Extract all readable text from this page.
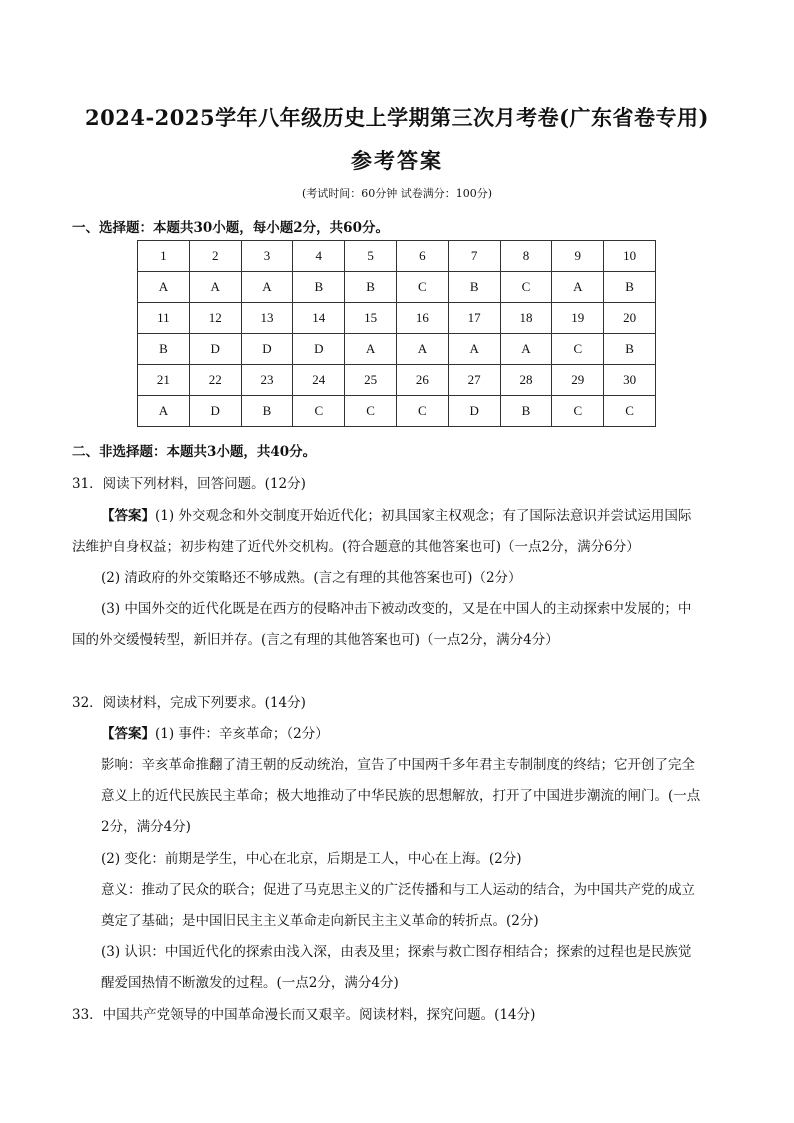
2024-2025学年八年级历史上学期第三次月考卷(广东省卷专用)
参考答案
(考试时间：60分钟 试卷满分：100分)
一、选择题：本题共30小题，每小题2分，共60分。
1	2	3	4	5	6	7	8	9	10
A	A	A	B	B	C	B	C	A	B
11	12	13	14	15	16	17	18	19	20
B	D	D	D	A	A	A	A	C	B
21	22	23	24	25	26	27	28	29	30
A	D	B	C	C	C	D	B	C	C
二、非选择题：本题共3小题，共40分。
31．阅读下列材料，回答问题。(12分)
【答案】(1) 外交观念和外交制度开始近代化；初具国家主权观念；有了国际法意识并尝试运用国际
法维护自身权益；初步构建了近代外交机构。(符合题意的其他答案也可)（一点2分，满分6分）
(2) 清政府的外交策略还不够成熟。(言之有理的其他答案也可)（2分）
(3) 中国外交的近代化既是在西方的侵略冲击下被动改变的，又是在中国人的主动探索中发展的；中
国的外交缓慢转型，新旧并存。(言之有理的其他答案也可)（一点2分，满分4分）
32．阅读材料，完成下列要求。(14分)
【答案】(1) 事件：辛亥革命；（2分）
影响：辛亥革命推翻了清王朝的反动统治，宣告了中国两千多年君主专制制度的终结；它开创了完全
意义上的近代民族民主革命；极大地推动了中华民族的思想解放，打开了中国进步潮流的闸门。(一点
2分，满分4分)
(2) 变化：前期是学生，中心在北京，后期是工人，中心在上海。(2分)
意义：推动了民众的联合；促进了马克思主义的广泛传播和与工人运动的结合，为中国共产党的成立
奠定了基础；是中国旧民主主义革命走向新民主主义革命的转折点。(2分)
(3) 认识：中国近代化的探索由浅入深，由表及里；探索与救亡图存相结合；探索的过程也是民族觉
醒爱国热情不断激发的过程。(一点2分，满分4分)
33．中国共产党领导的中国革命漫长而又艰辛。阅读材料，探究问题。(14分)
